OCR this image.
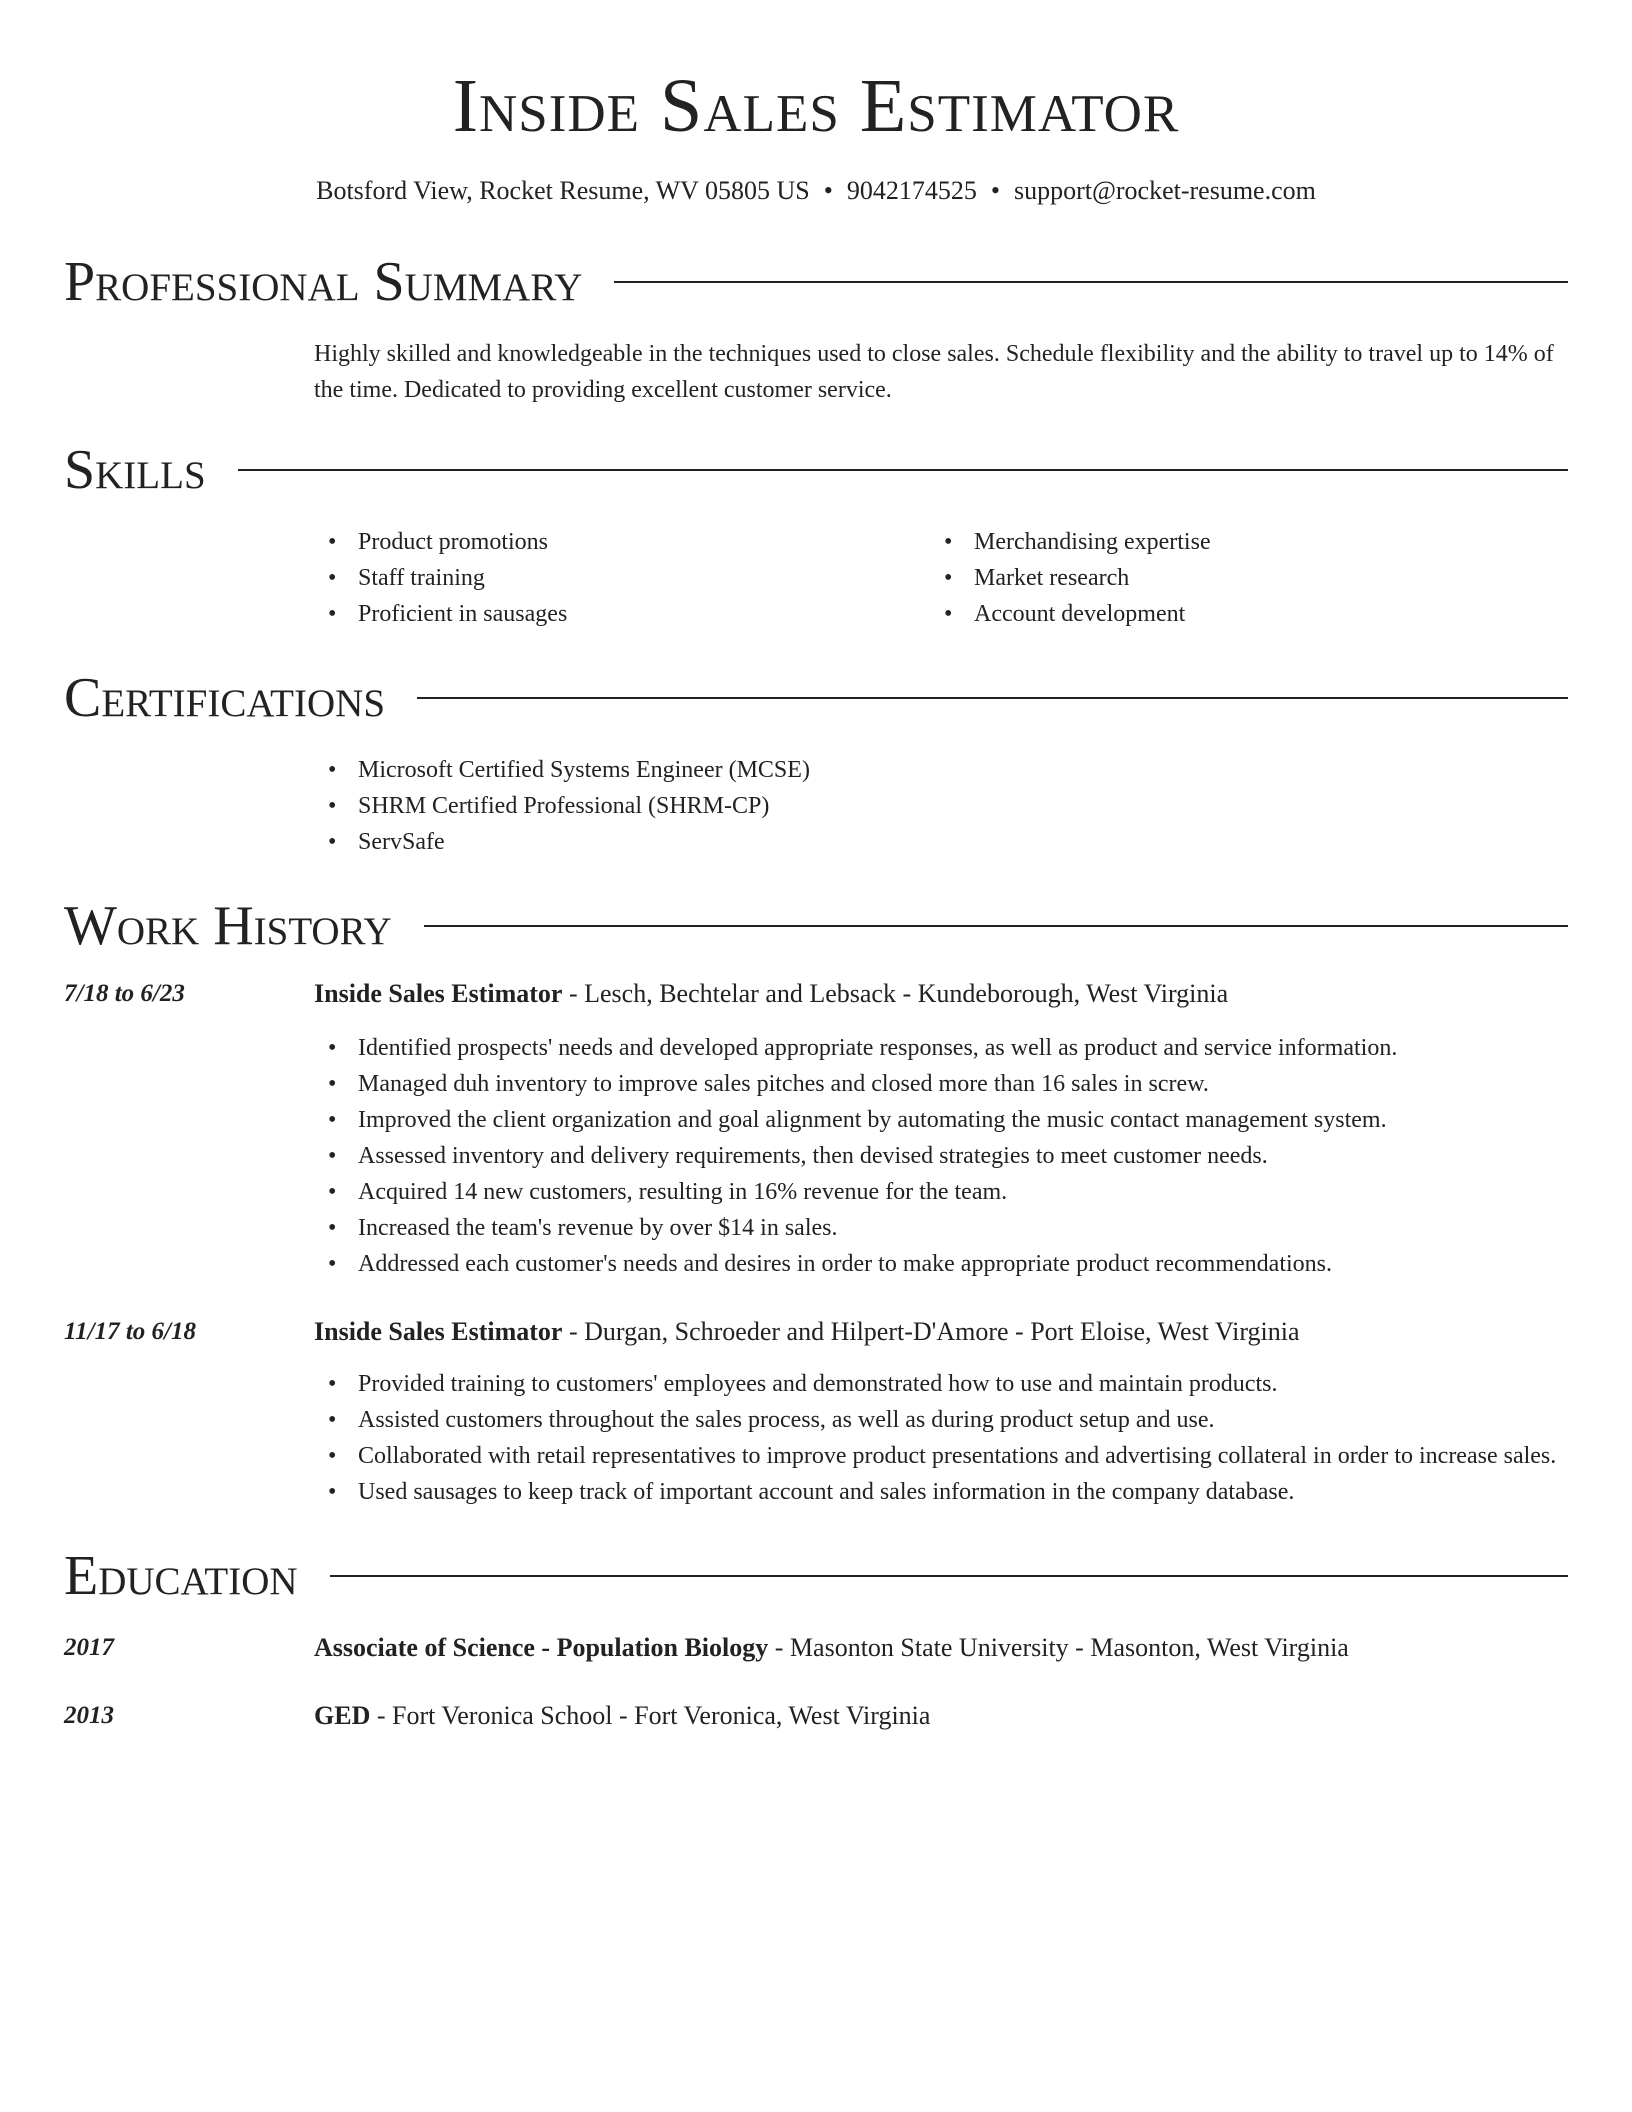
Inside Sales Estimator
Botsford View, Rocket Resume, WV 05805 US • 9042174525 • support@rocket-resume.com
Professional Summary

Highly skilled and knowledgeable in the techniques used to close sales. Schedule flexibility and the ability to travel up to 14% of the time. Dedicated to providing excellent customer service.

Skills
• Product promotions
• Staff training
• Proficient in sausages
• Merchandising expertise
• Market research
• Account development
Certifications
• Microsoft Certified Systems Engineer (MCSE)
• SHRM Certified Professional (SHRM-CP)
• ServSafe
Work History
7/18 to 6/23	Inside Sales Estimator - Lesch, Bechtelar and Lebsack - Kundeborough, West Virginia
• Identified prospects' needs and developed appropriate responses, as well as product and service information.
• Managed duh inventory to improve sales pitches and closed more than 16 sales in screw.
• Improved the client organization and goal alignment by automating the music contact management system.
• Assessed inventory and delivery requirements, then devised strategies to meet customer needs.
• Acquired 14 new customers, resulting in 16% revenue for the team.
• Increased the team's revenue by over $14 in sales.
• Addressed each customer's needs and desires in order to make appropriate product recommendations.
11/17 to 6/18	Inside Sales Estimator - Durgan, Schroeder and Hilpert-D'Amore - Port Eloise, West Virginia
• Provided training to customers' employees and demonstrated how to use and maintain products.
• Assisted customers throughout the sales process, as well as during product setup and use.
• Collaborated with retail representatives to improve product presentations and advertising collateral in order to increase sales.
• Used sausages to keep track of important account and sales information in the company database.
Education
2017	Associate of Science - Population Biology - Masonton State University - Masonton, West Virginia
2013	GED - Fort Veronica School - Fort Veronica, West Virginia
